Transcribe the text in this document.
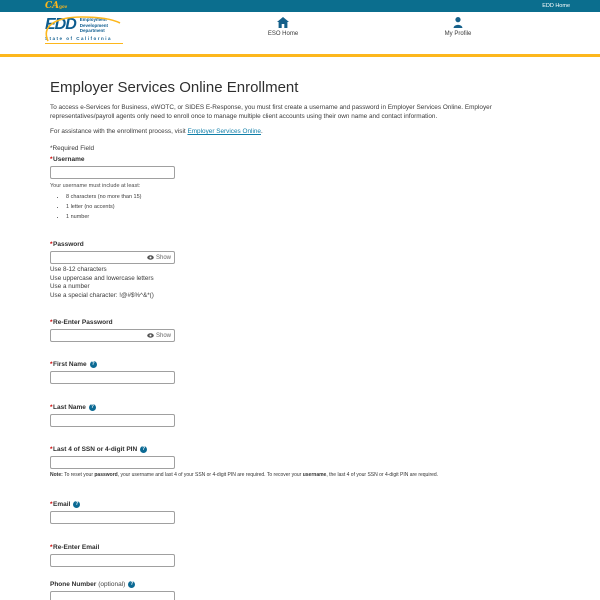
CAgov	EDD Home
EDD Employment
Development
Department
State of California
ESO Home	My Profile
Employer Services Online Enrollment

To access e-Services for Business, eWOTC, or SIDES E-Response, you must first create a username and password in Employer Services Online. Employer representatives/payroll agents only need to enroll once to manage multiple client accounts using their own name and contact information.

For assistance with the enrollment process, visit Employer Services Online.

*Required Field
* Username
Your username must include at least:
• 8 characters (no more than 15)
• 1 letter (no accents)
• 1 number
* Password
Show
Use 8-12 characters
Use uppercase and lowercase letters
Use a number
Use a special character: !@#$%^&*()
* Re-Enter Password
Show
* First Name ?
* Last Name ?
* Last 4 of SSN or 4-digit PIN ?
Note: To reset your password, your username and last 4 of your SSN or 4-digit PIN are required. To recover your username, the last 4 of your SSN or 4-digit PIN are required.
* Email ?
* Re-Enter Email
Phone Number (optional) ?
